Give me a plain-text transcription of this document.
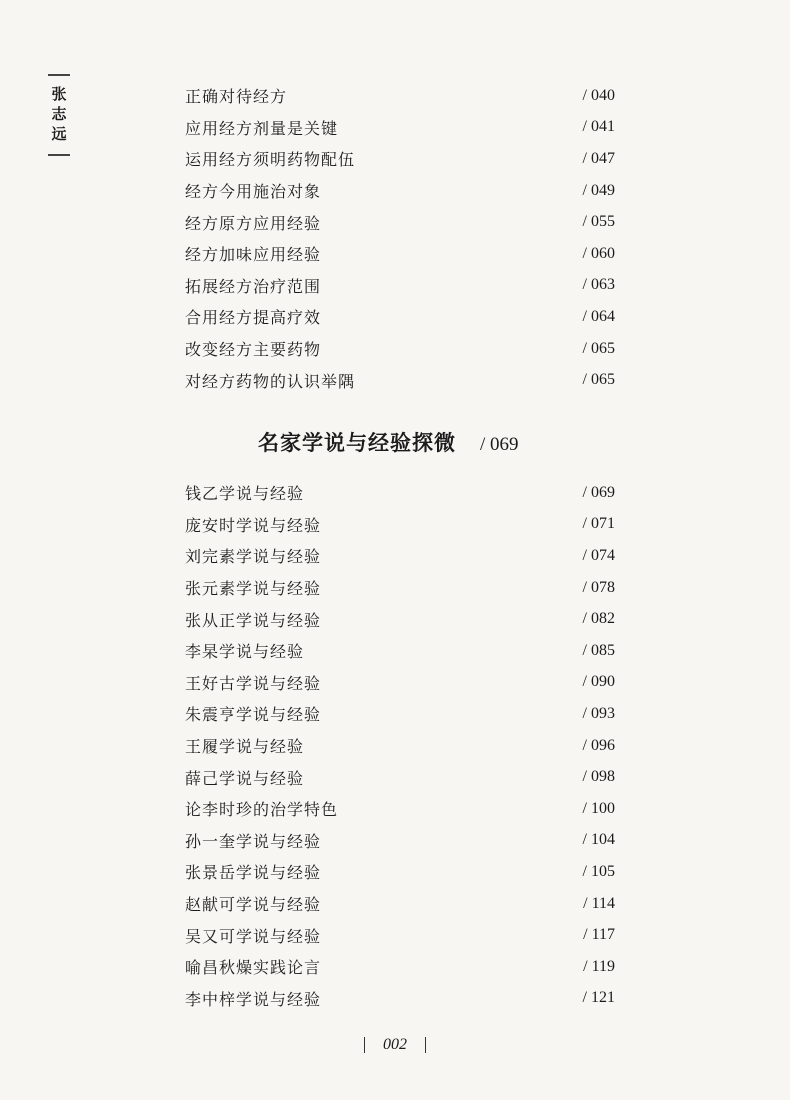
张志远
正确对待经方	/ 040
应用经方剂量是关键	/ 041
运用经方须明药物配伍	/ 047
经方今用施治对象	/ 049
经方原方应用经验	/ 055
经方加味应用经验	/ 060
拓展经方治疗范围	/ 063
合用经方提高疗效	/ 064
改变经方主要药物	/ 065
对经方药物的认识举隅	/ 065
名家学说与经验探微 / 069
钱乙学说与经验	/ 069
庞安时学说与经验	/ 071
刘完素学说与经验	/ 074
张元素学说与经验	/ 078
张从正学说与经验	/ 082
李杲学说与经验	/ 085
王好古学说与经验	/ 090
朱震亨学说与经验	/ 093
王履学说与经验	/ 096
薛己学说与经验	/ 098
论李时珍的治学特色	/ 100
孙一奎学说与经验	/ 104
张景岳学说与经验	/ 105
赵献可学说与经验	/ 114
吴又可学说与经验	/ 117
喻昌秋燥实践论言	/ 119
李中梓学说与经验	/ 121
002
